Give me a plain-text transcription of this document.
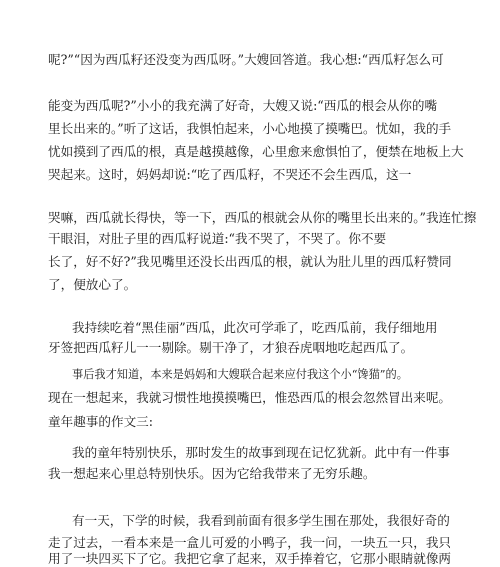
呢?”“因为西瓜籽还没变为西瓜呀。”大嫂回答道。我心想:“西瓜籽怎么可
能变为西瓜呢?”小小的我充满了好奇，大嫂又说:“西瓜的根会从你的嘴
里长出来的。”听了这话，我惧怕起来，小心地摸了摸嘴巴。忧如，我的手
忧如摸到了西瓜的根，真是越摸越像，心里愈来愈惧怕了，便禁在地板上大
哭起来。这时，妈妈却说:“吃了西瓜籽，不哭还不会生西瓜，这一
哭嘛，西瓜就长得快，等一下，西瓜的根就会从你的嘴里长出来的。”我连忙擦
干眼泪，对肚子里的西瓜籽说道:“我不哭了，不哭了。你不要
长了，好不好?”我见嘴里还没长出西瓜的根，就认为肚儿里的西瓜籽赞同
了，便放心了。
我持续吃着“黑佳丽”西瓜，此次可学乖了，吃西瓜前，我仔细地用
牙签把西瓜籽儿一一剔除。剔干净了，才狼吞虎咽地吃起西瓜了。
事后我才知道，本来是妈妈和大嫂联合起来应付我这个小“馋猫”的。
现在一想起来，我就习惯性地摸摸嘴巴，惟恐西瓜的根会忽然冒出来呢。
童年趣事的作文三:
我的童年特别快乐，那时发生的故事到现在记忆犹新。此中有一件事
我一想起来心里总特别快乐。因为它给我带来了无穷乐趣。
有一天，下学的时候，我看到前面有很多学生围在那处，我很好奇的
走了过去，一看本来是一盒儿可爱的小鸭子，我一问，一块五一只，我只
用了一块四买下了它。我把它拿了起来，双手捧着它，它那小眼睛就像两
